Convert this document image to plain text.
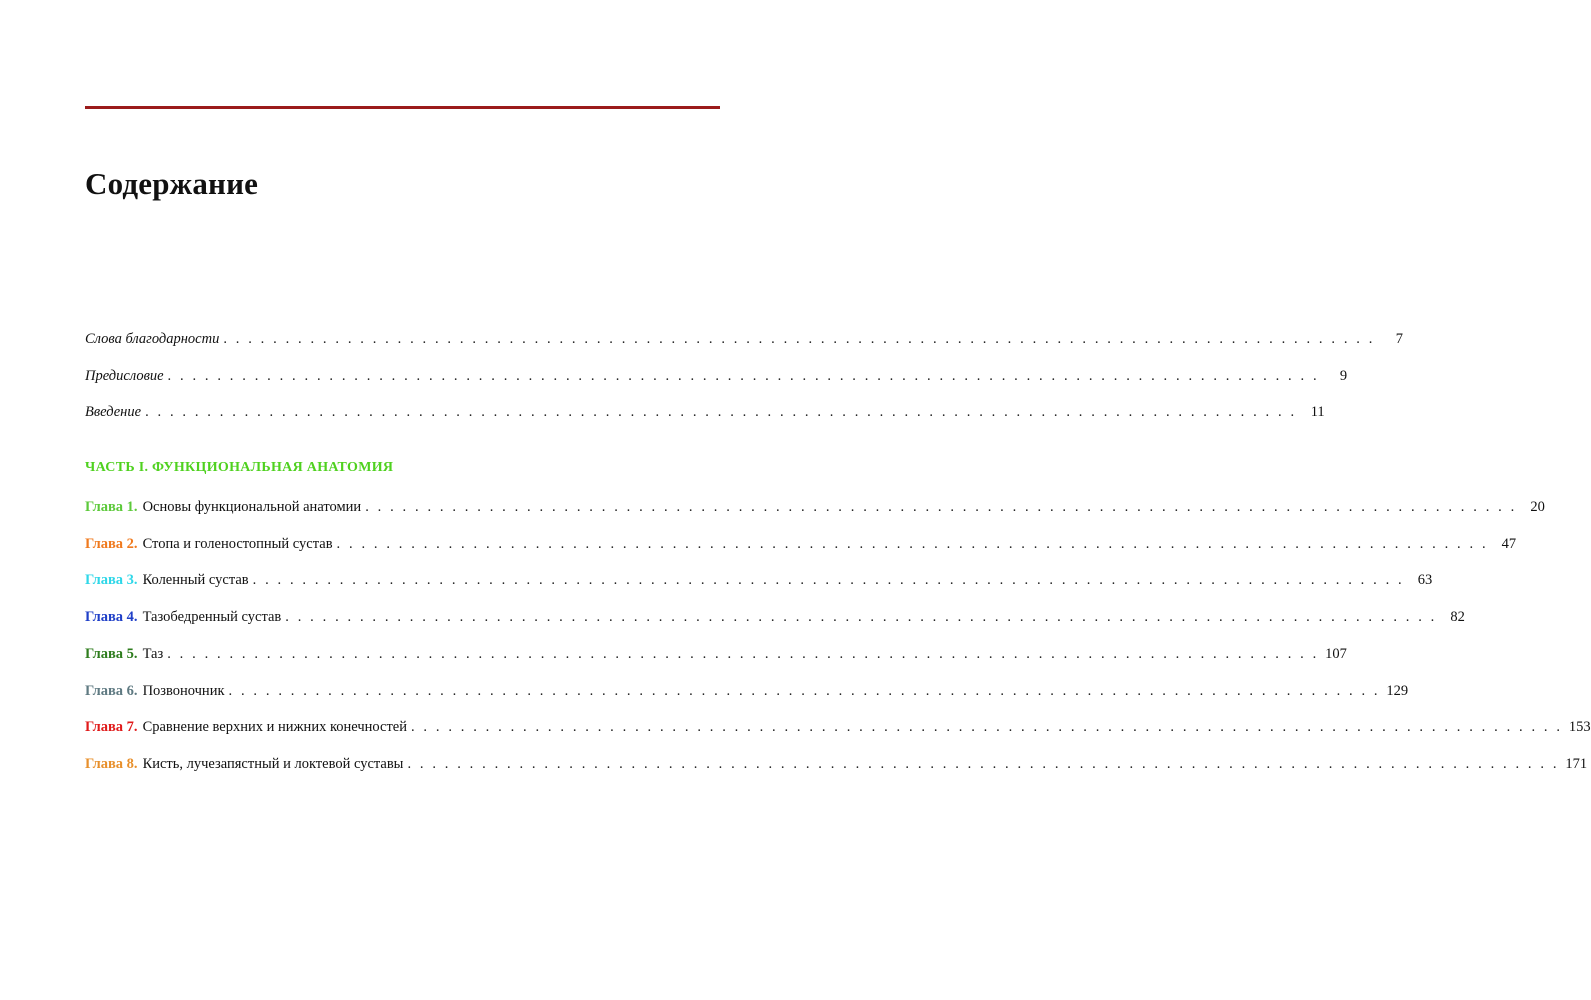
Содержание
Слова благодарности . . . . . . . . . . . . . . . . . . . . . . . . . . . . . . . . . . . . . . . . . . . . . . . . . . . . . . . . . . . . . . . . . . . . . . . . . . . . . . . . . . . . . . . . . . . . .	7
Предисловие . . . . . . . . . . . . . . . . . . . . . . . . . . . . . . . . . . . . . . . . . . . . . . . . . . . . . . . . . . . . . . . . . . . . . . . . . . . . . . . . . . . . . . . . . . . . .	9
Введение . . . . . . . . . . . . . . . . . . . . . . . . . . . . . . . . . . . . . . . . . . . . . . . . . . . . . . . . . . . . . . . . . . . . . . . . . . . . . . . . . . . . . . . . . . . . . 11
ЧАСТЬ I. ФУНКЦИОНАЛЬНАЯ АНАТОМИЯ
Глава 1. Основы функциональной анатомии . . . . . . . . . . . . . . . . . . . . . . . . . . . . . . . . . . . . . . . . . . . . . . . . . . . . . . . . . . . . . . . . . . . . . . . . . . . . . . . . . . . . . . . . . . . . . 20
Глава 2. Стопа и голеностопный сустав . . . . . . . . . . . . . . . . . . . . . . . . . . . . . . . . . . . . . . . . . . . . . . . . . . . . . . . . . . . . . . . . . . . . . . . . . . . . . . . . . . . . . . . . . . . . . 47
Глава 3. Коленный сустав . . . . . . . . . . . . . . . . . . . . . . . . . . . . . . . . . . . . . . . . . . . . . . . . . . . . . . . . . . . . . . . . . . . . . . . . . . . . . . . . . . . . . . . . . . . . . 63
Глава 4. Тазобедренный сустав . . . . . . . . . . . . . . . . . . . . . . . . . . . . . . . . . . . . . . . . . . . . . . . . . . . . . . . . . . . . . . . . . . . . . . . . . . . . . . . . . . . . . . . . . . . . . 82
Глава 5. Таз . . . . . . . . . . . . . . . . . . . . . . . . . . . . . . . . . . . . . . . . . . . . . . . . . . . . . . . . . . . . . . . . . . . . . . . . . . . . . . . . . . . . . . . . . . . . . 107
Глава 6. Позвоночник . . . . . . . . . . . . . . . . . . . . . . . . . . . . . . . . . . . . . . . . . . . . . . . . . . . . . . . . . . . . . . . . . . . . . . . . . . . . . . . . . . . . . . . . . . . . . 129
Глава 7. Сравнение верхних и нижних конечностей . . . . . . . . . . . . . . . . . . . . . . . . . . . . . . . . . . . . . . . . . . . . . . . . . . . . . . . . . . . . . . . . . . . . . . . . . . . . . . . . . . . . . . . . . . . . . 153
Глава 8. Кисть, лучезапястный и локтевой суставы . . . . . . . . . . . . . . . . . . . . . . . . . . . . . . . . . . . . . . . . . . . . . . . . . . . . . . . . . . . . . . . . . . . . . . . . . . . . . . . . . . . . . . . . . . . . . 171
